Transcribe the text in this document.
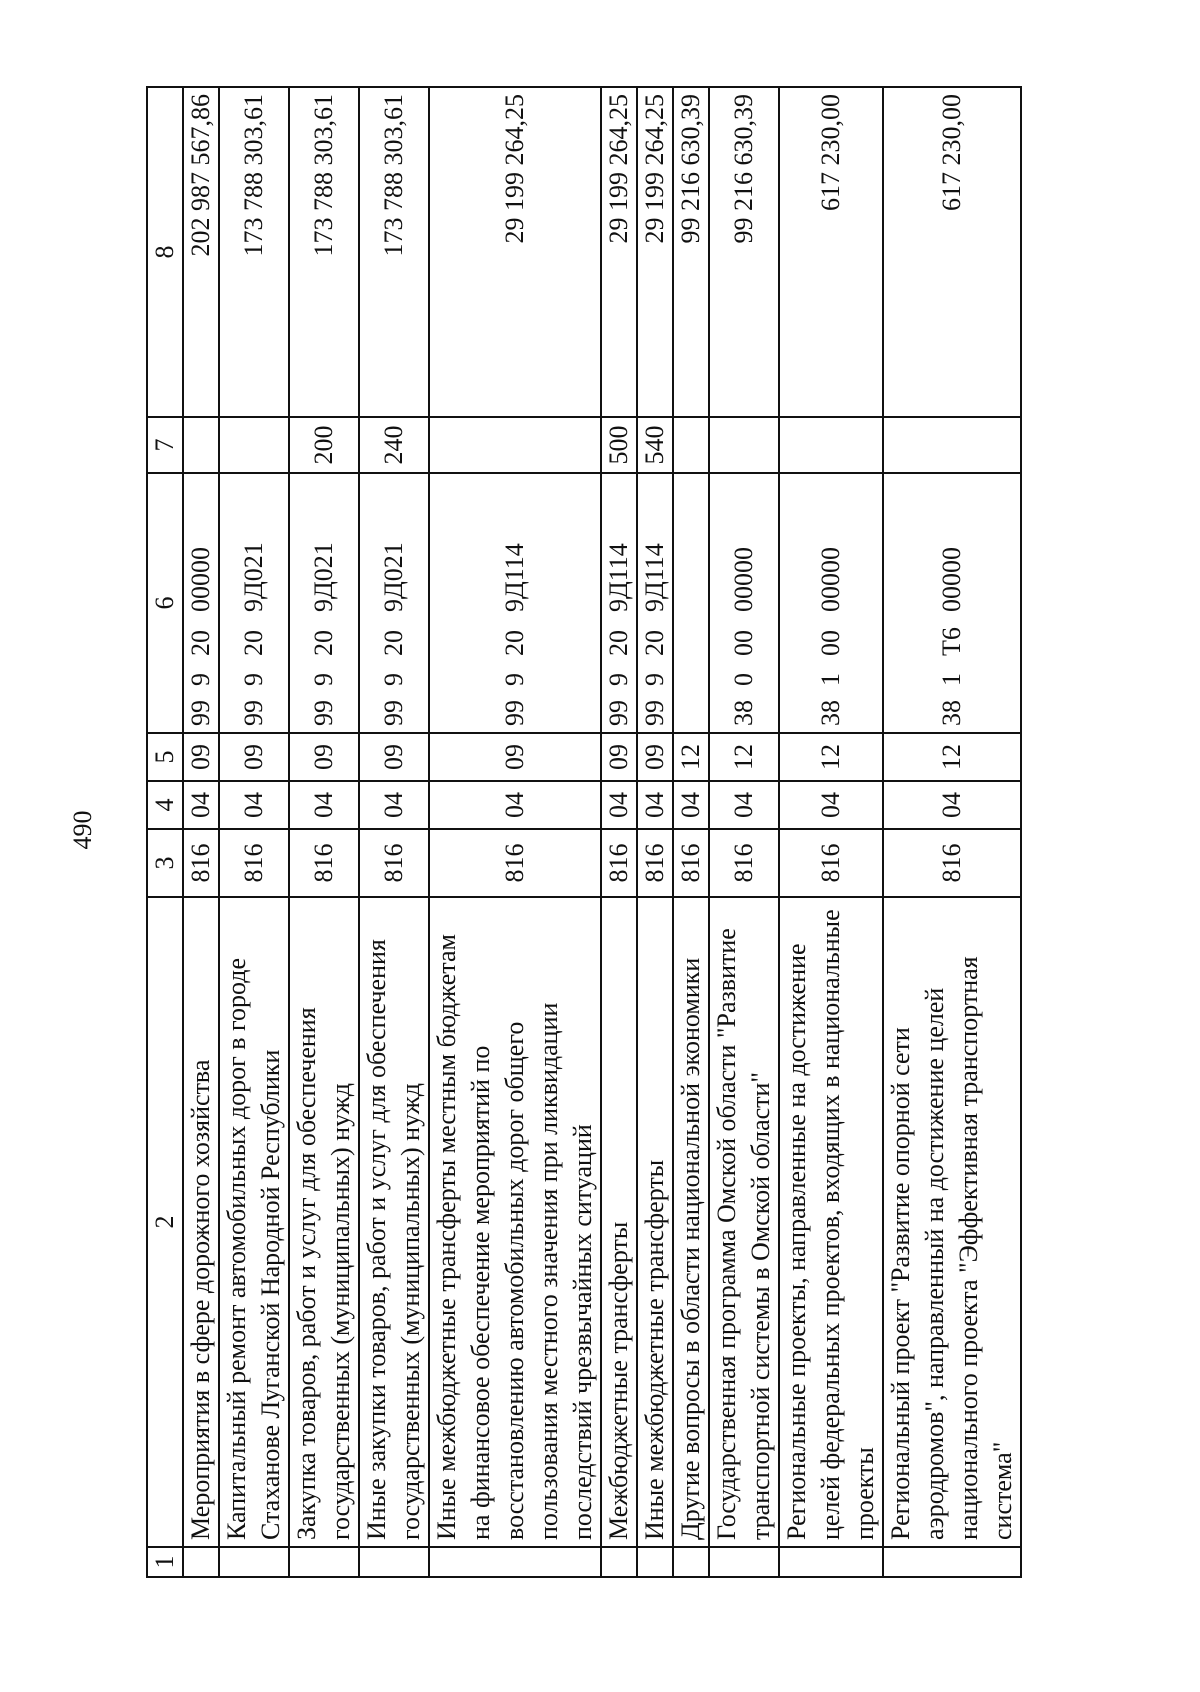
490
1	2	3	4	5	6	7	8
	Мероприятия в сфере дорожного хозяйства	816	04	09	9992000000		202 987 567,86
	Капитальный ремонт автомобильных дорог в городе Стаханове Луганской Народной Республики	816	04	09	999209Д021		173 788 303,61
	Закупка товаров, работ и услуг для обеспечения государственных (муниципальных) нужд	816	04	09	999209Д021	200	173 788 303,61
	Иные закупки товаров, работ и услуг для обеспечения государственных (муниципальных) нужд	816	04	09	999209Д021	240	173 788 303,61
	Иные межбюджетные трансферты местным бюджетам на финансовое обеспечение мероприятий по восстановлению автомобильных дорог общего пользования местного значения при ликвидации последствий чрезвычайных ситуаций	816	04	09	999209Д114		29 199 264,25
	Межбюджетные трансферты	816	04	09	999209Д114	500	29 199 264,25
	Иные межбюджетные трансферты	816	04	09	999209Д114	540	29 199 264,25
	Другие вопросы в области национальной экономики	816	04	12			99 216 630,39
	Государственная программа Омской области "Развитие транспортной системы в Омской области"	816	04	12	3800000000		99 216 630,39
	Региональные проекты, направленные на достижение целей федеральных проектов, входящих в национальные проекты	816	04	12	3810000000		617 230,00
	Региональный проект "Развитие опорной сети аэродромов", направленный на достижение целей национального проекта "Эффективная транспортная система"	816	04	12	381Т600000		617 230,00
